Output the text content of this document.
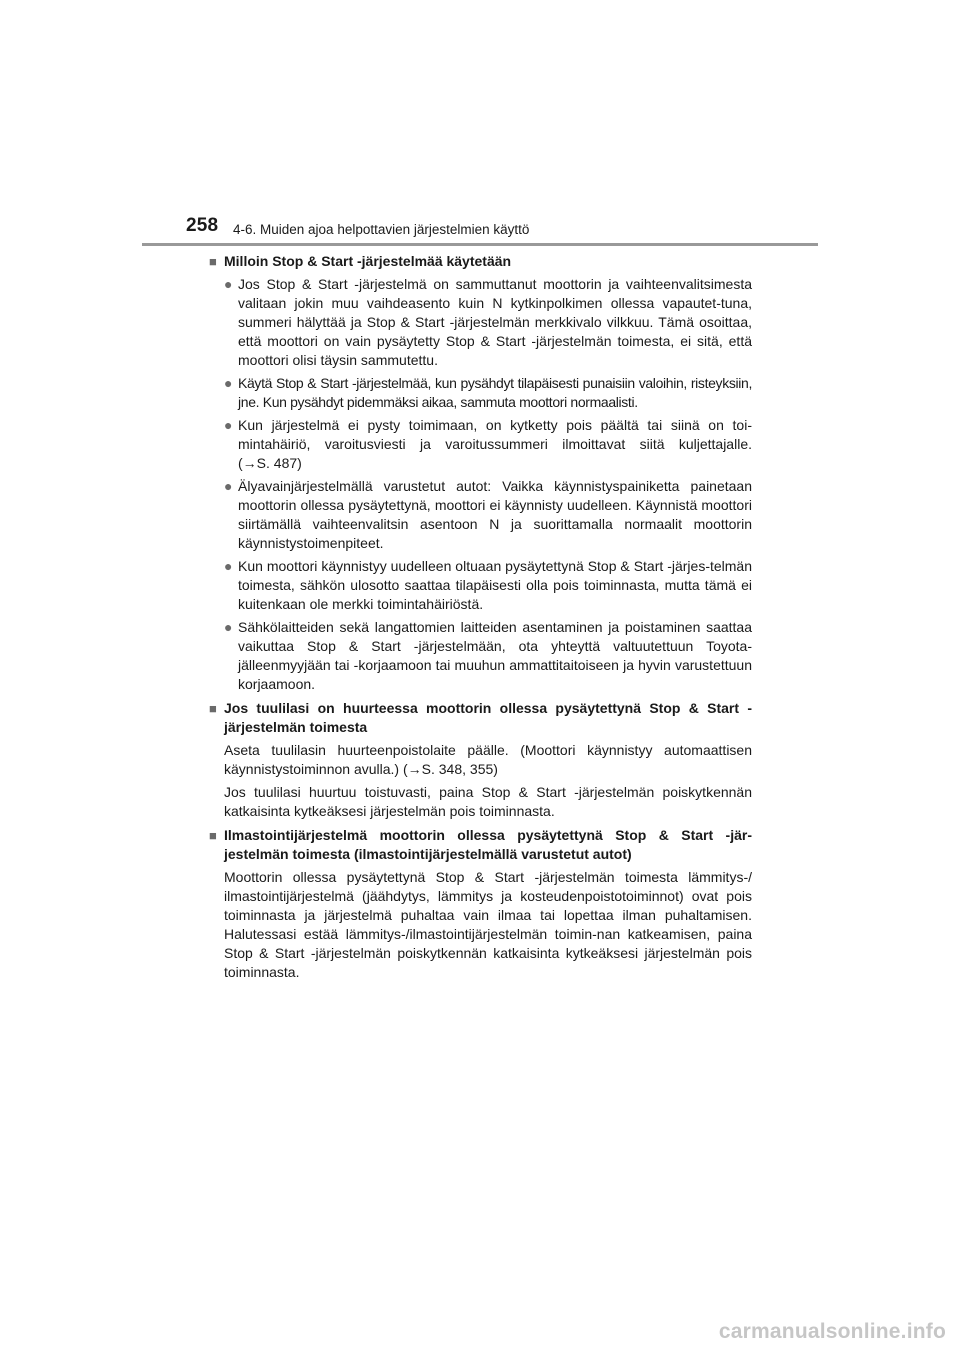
258 4-6. Muiden ajoa helpottavien järjestelmien käyttö
■ Milloin Stop & Start -järjestelmää käytetään
● Jos Stop & Start -järjestelmä on sammuttanut moottorin ja vaihteenvalitsimesta valitaan jokin muu vaihdeasento kuin N kytkinpolkimen ollessa vapautet-tuna, summeri hälyttää ja Stop & Start -järjestelmän merkkivalo vilkkuu. Tämä osoittaa, että moottori on vain pysäytetty Stop & Start -järjestelmän toimesta, ei sitä, että moottori olisi täysin sammutettu.
● Käytä Stop & Start -järjestelmää, kun pysähdyt tilapäisesti punaisiin valoihin, risteyksiin, jne. Kun pysähdyt pidemmäksi aikaa, sammuta moottori normaalisti.
● Kun järjestelmä ei pysty toimimaan, on kytketty pois päältä tai siinä on toi-mintahäiriö, varoitusviesti ja varoitussummeri ilmoittavat siitä kuljettajalle. (→S. 487)
● Älyavainjärjestelmällä varustetut autot: Vaikka käynnistyspainiketta painetaan moottorin ollessa pysäytettynä, moottori ei käynnisty uudelleen. Käynnistä moottori siirtämällä vaihteenvalitsin asentoon N ja suorittamalla normaalit moottorin käynnistystoimenpiteet.
● Kun moottori käynnistyy uudelleen oltuaan pysäytettynä Stop & Start -järjes-telmän toimesta, sähkön ulosotto saattaa tilapäisesti olla pois toiminnasta, mutta tämä ei kuitenkaan ole merkki toimintahäiriöstä.
● Sähkölaitteiden sekä langattomien laitteiden asentaminen ja poistaminen saattaa vaikuttaa Stop & Start -järjestelmään, ota yhteyttä valtuutettuun Toyota-jälleenmyyjään tai -korjaamoon tai muuhun ammattitaitoiseen ja hyvin varustettuun korjaamoon.
■ Jos tuulilasi on huurteessa moottorin ollessa pysäytettynä Stop & Start -järjestelmän toimesta

Aseta tuulilasin huurteenpoistolaite päälle. (Moottori käynnistyy automaattisen käynnistystoiminnon avulla.) (→S. 348, 355)

Jos tuulilasi huurtuu toistuvasti, paina Stop & Start -järjestelmän poiskytkennän katkaisinta kytkeäksesi järjestelmän pois toiminnasta.

■ Ilmastointijärjestelmä moottorin ollessa pysäytettynä Stop & Start -jär-jestelmän toimesta (ilmastointijärjestelmällä varustetut autot)

Moottorin ollessa pysäytettynä Stop & Start -järjestelmän toimesta lämmitys-/ ilmastointijärjestelmä (jäähdytys, lämmitys ja kosteudenpoistotoiminnot) ovat pois toiminnasta ja järjestelmä puhaltaa vain ilmaa tai lopettaa ilman puhaltamisen. Halutessasi estää lämmitys-/ilmastointijärjestelmän toimin-nan katkeamisen, paina Stop & Start -järjestelmän poiskytkennän katkaisinta kytkeäksesi järjestelmän pois toiminnasta.

carmanualsonline.info
